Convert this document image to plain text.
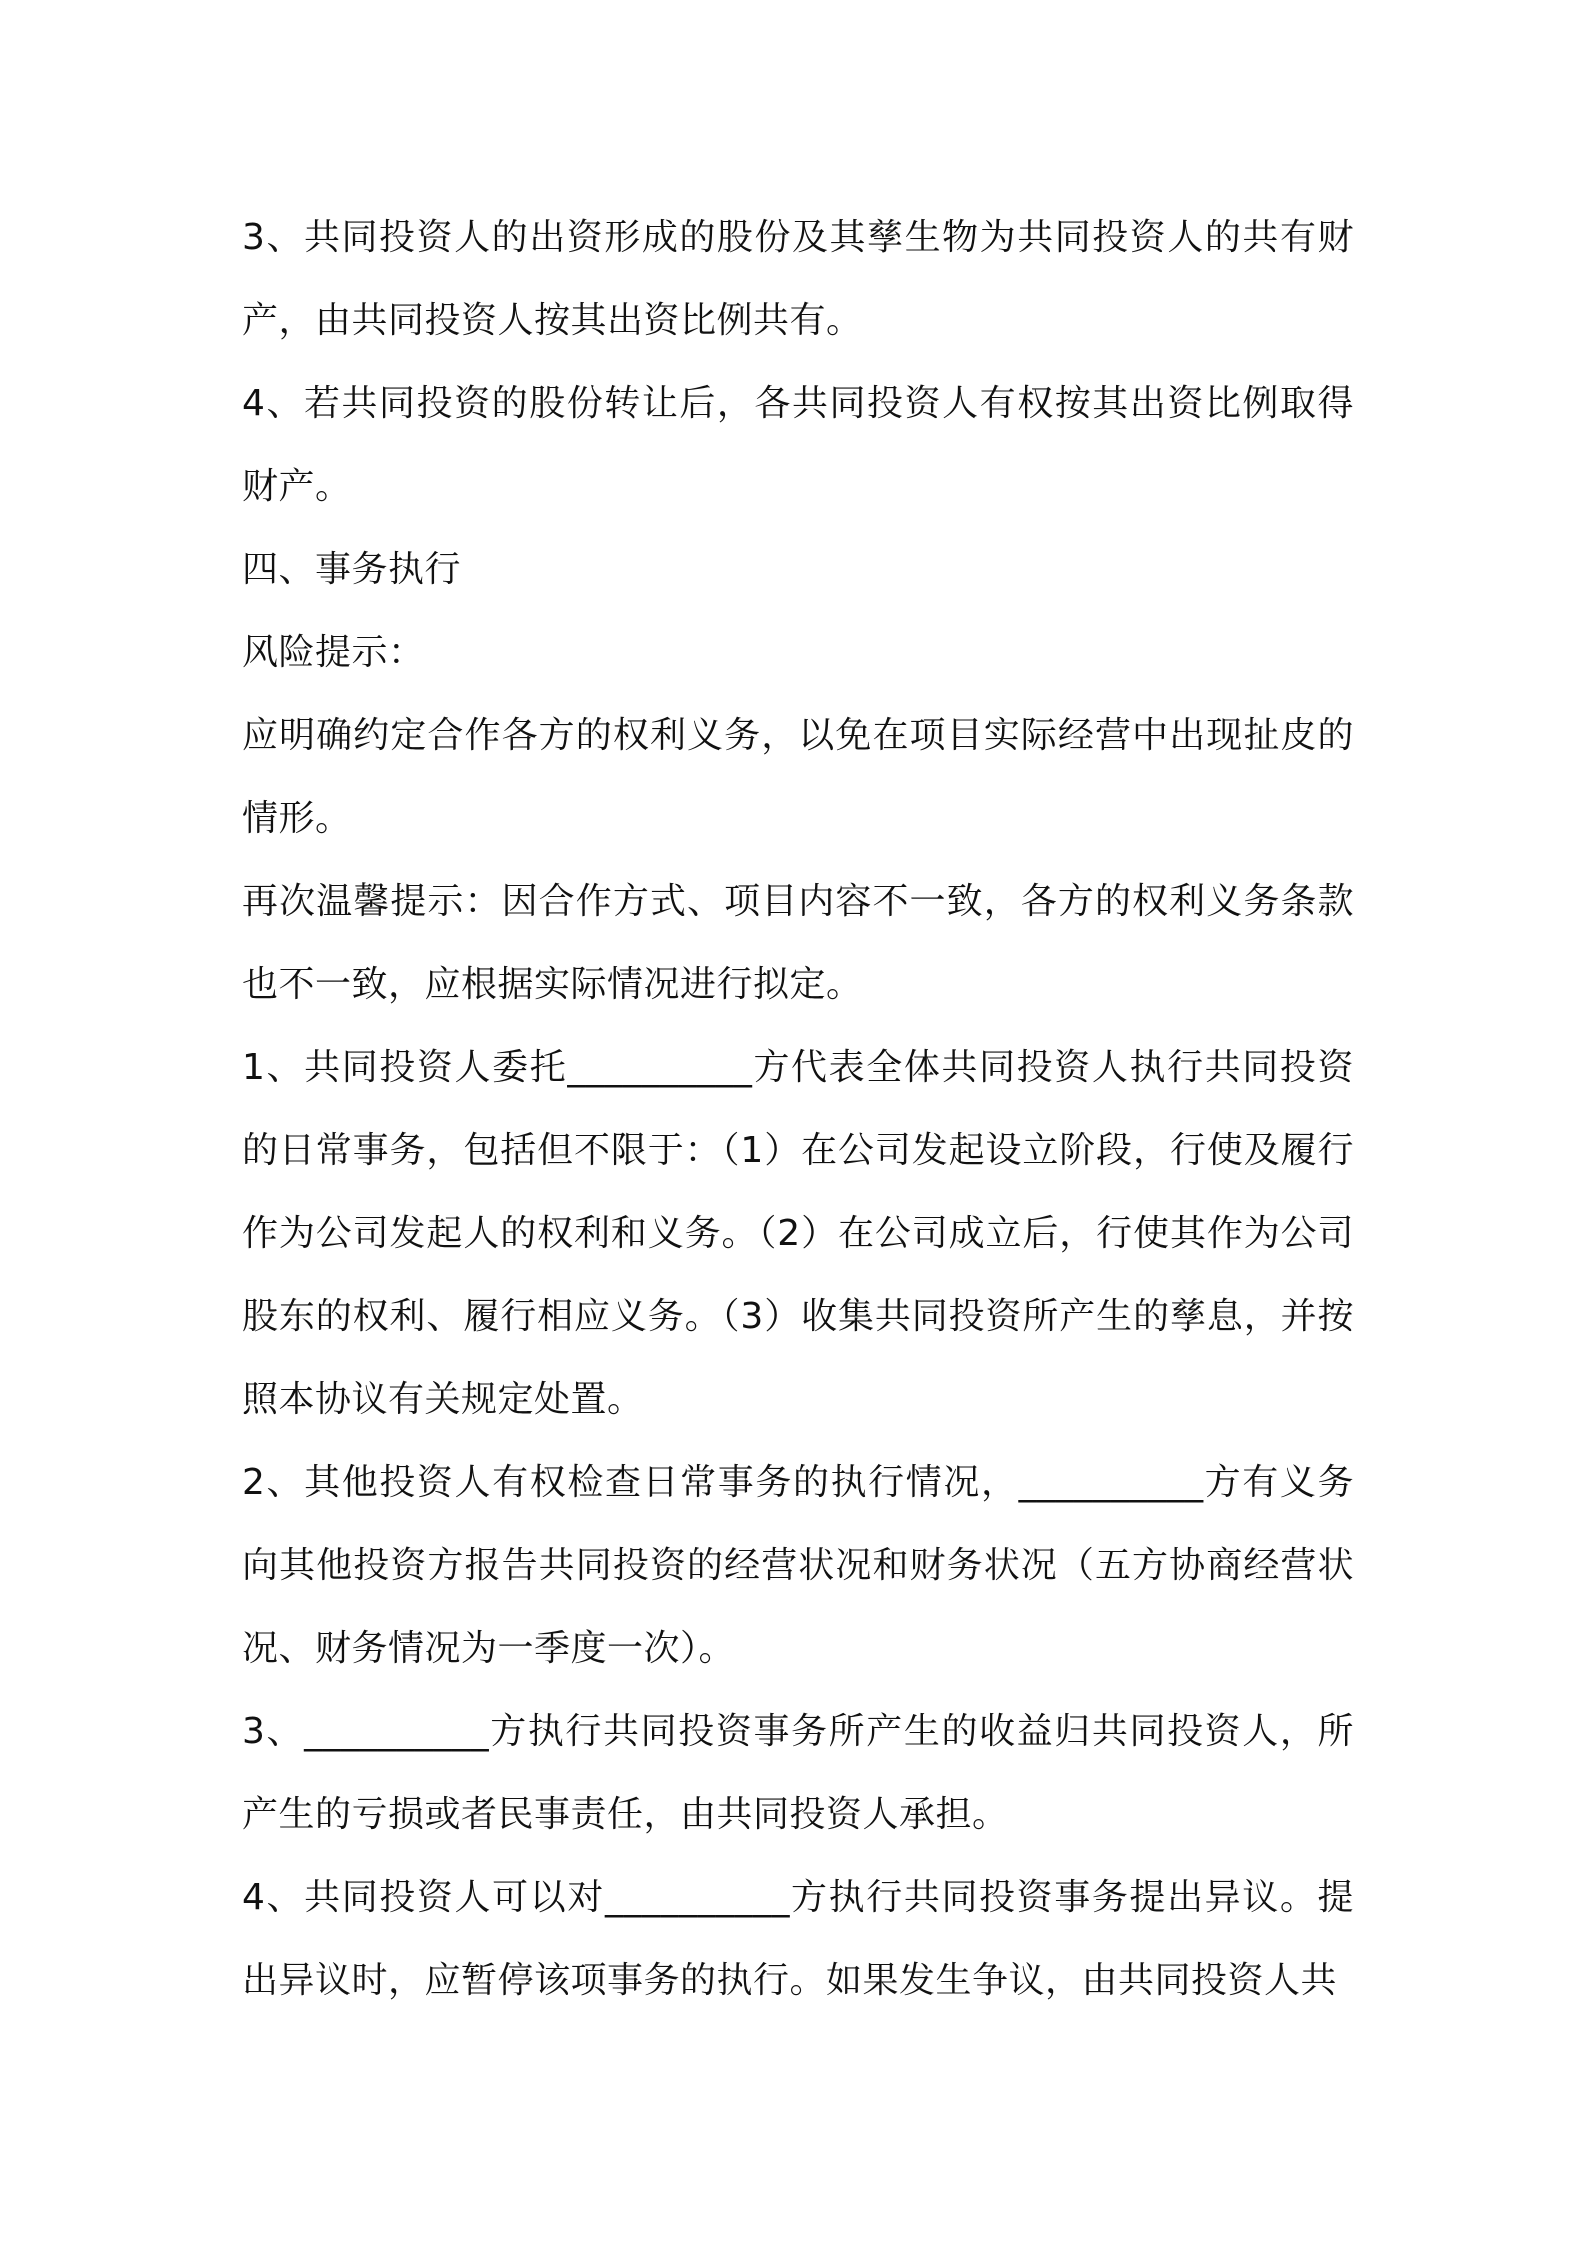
3、共同投资人的出资形成的股份及其孳生物为共同投资人的共有财产，由共同投资人按其出资比例共有。

4、若共同投资的股份转让后，各共同投资人有权按其出资比例取得财产。

四、事务执行

风险提示：

应明确约定合作各方的权利义务，以免在项目实际经营中出现扯皮的情形。

再次温馨提示：因合作方式、项目内容不一致，各方的权利义务条款也不一致，应根据实际情况进行拟定。

1、共同投资人委托__________方代表全体共同投资人执行共同投资的日常事务，包括但不限于：（1）在公司发起设立阶段，行使及履行作为公司发起人的权利和义务。（2）在公司成立后，行使其作为公司股东的权利、履行相应义务。（3）收集共同投资所产生的孳息，并按照本协议有关规定处置。

2、其他投资人有权检查日常事务的执行情况，__________方有义务向其他投资方报告共同投资的经营状况和财务状况（五方协商经营状况、财务情况为一季度一次）。

3、__________方执行共同投资事务所产生的收益归共同投资人，所产生的亏损或者民事责任，由共同投资人承担。

4、共同投资人可以对__________方执行共同投资事务提出异议。提出异议时，应暂停该项事务的执行。如果发生争议，由共同投资人共
